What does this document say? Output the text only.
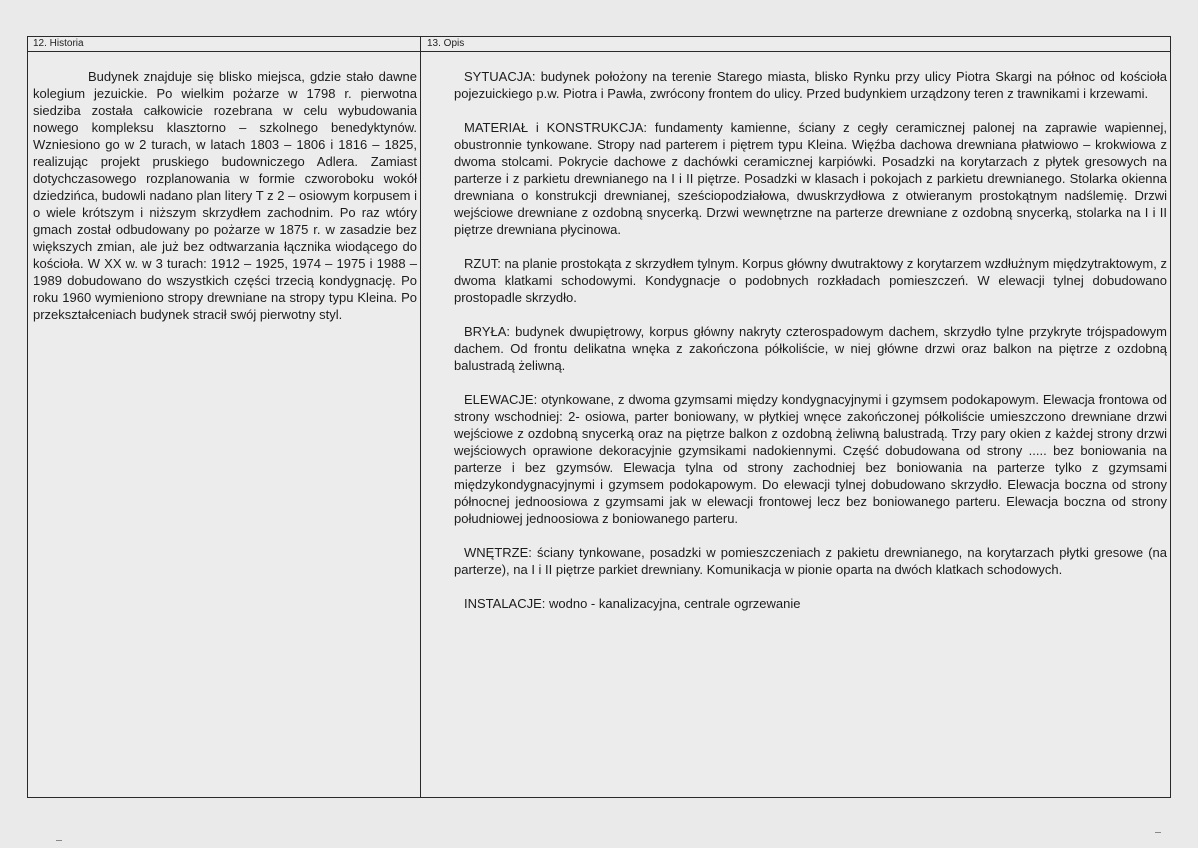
12. Historia	13. Opis

Budynek znajduje się blisko miejsca, gdzie stało dawne kolegium jezuickie. Po wielkim pożarze w 1798 r. pierwotna siedziba została całkowicie rozebrana w celu wybudowania nowego kompleksu klasztorno – szkolnego benedyktynów. Wzniesiono go w 2 turach, w latach 1803 – 1806 i 1816 – 1825, realizując projekt pruskiego budowniczego Adlera. Zamiast dotychczasowego rozplanowania w formie czworoboku wokół dziedzińca, budowli nadano plan litery T z 2 – osiowym korpusem i o wiele krótszym i niższym skrzydłem zachodnim. Po raz wtóry gmach został odbudowany po pożarze w 1875 r. w zasadzie bez większych zmian, ale już bez odtwarzania łącznika wiodącego do kościoła. W XX w. w 3 turach: 1912 – 1925, 1974 – 1975 i 1988 – 1989 dobudowano do wszystkich części trzecią kondygnację. Po roku 1960 wymieniono stropy drewniane na stropy typu Kleina. Po przekształceniach budynek stracił swój pierwotny styl.

SYTUACJA: budynek położony na terenie Starego miasta, blisko Rynku przy ulicy Piotra Skargi na północ od kościoła pojezuickiego p.w. Piotra i Pawła, zwrócony frontem do ulicy. Przed budynkiem urządzony teren z trawnikami i krzewami.

MATERIAŁ i KONSTRUKCJA: fundamenty kamienne, ściany z cegły ceramicznej palonej na zaprawie wapiennej, obustronnie tynkowane. Stropy nad parterem i piętrem typu Kleina. Więźba dachowa drewniana płatwiowo – krokwiowa z dwoma stolcami. Pokrycie dachowe z dachówki ceramicznej karpiówki. Posadzki na korytarzach z płytek gresowych na parterze i z parkietu drewnianego na I i II piętrze. Posadzki w klasach i pokojach z parkietu drewnianego. Stolarka okienna drewniana o konstrukcji drewnianej, sześciopodziałowa, dwuskrzydłowa z otwieranym prostokątnym nadślemię. Drzwi wejściowe drewniane z ozdobną snycerką. Drzwi wewnętrzne na parterze drewniane z ozdobną snycerką, stolarka na I i II piętrze drewniana płycinowa.

RZUT: na planie prostokąta z skrzydłem tylnym. Korpus główny dwutraktowy z korytarzem wzdłużnym międzytraktowym, z dwoma klatkami schodowymi. Kondygnacje o podobnych rozkładach pomieszczeń. W elewacji tylnej dobudowano prostopadle skrzydło.

BRYŁA: budynek dwupiętrowy, korpus główny nakryty czterospadowym dachem, skrzydło tylne przykryte trójspadowym dachem. Od frontu delikatna wnęka z zakończona półkoliście, w niej główne drzwi oraz balkon na piętrze z ozdobną balustradą żeliwną.

ELEWACJE: otynkowane, z dwoma gzymsami między kondygnacyjnymi i gzymsem podokapowym. Elewacja frontowa od strony wschodniej: 2- osiowa, parter boniowany, w płytkiej wnęce zakończonej półkoliście umieszczono drewniane drzwi wejściowe z ozdobną snycerką oraz na piętrze balkon z ozdobną żeliwną balustradą. Trzy pary okien z każdej strony drzwi wejściowych oprawione dekoracyjnie gzymsikami nadokiennymi. Część dobudowana od strony ..... bez boniowania na parterze i bez gzymsów. Elewacja tylna od strony zachodniej bez boniowania na parterze tylko z gzymsami międzykondygnacyjnymi i gzymsem podokapowym. Do elewacji tylnej dobudowano skrzydło. Elewacja boczna od strony północnej jednoosiowa z gzymsami jak w elewacji frontowej lecz bez boniowanego parteru. Elewacja boczna od strony południowej jednoosiowa z boniowanego parteru.

WNĘTRZE: ściany tynkowane, posadzki w pomieszczeniach z pakietu drewnianego, na korytarzach płytki gresowe (na parterze), na I i II piętrze parkiet drewniany. Komunikacja w pionie oparta na dwóch klatkach schodowych.

INSTALACJE: wodno - kanalizacyjna, centrale ogrzewanie
